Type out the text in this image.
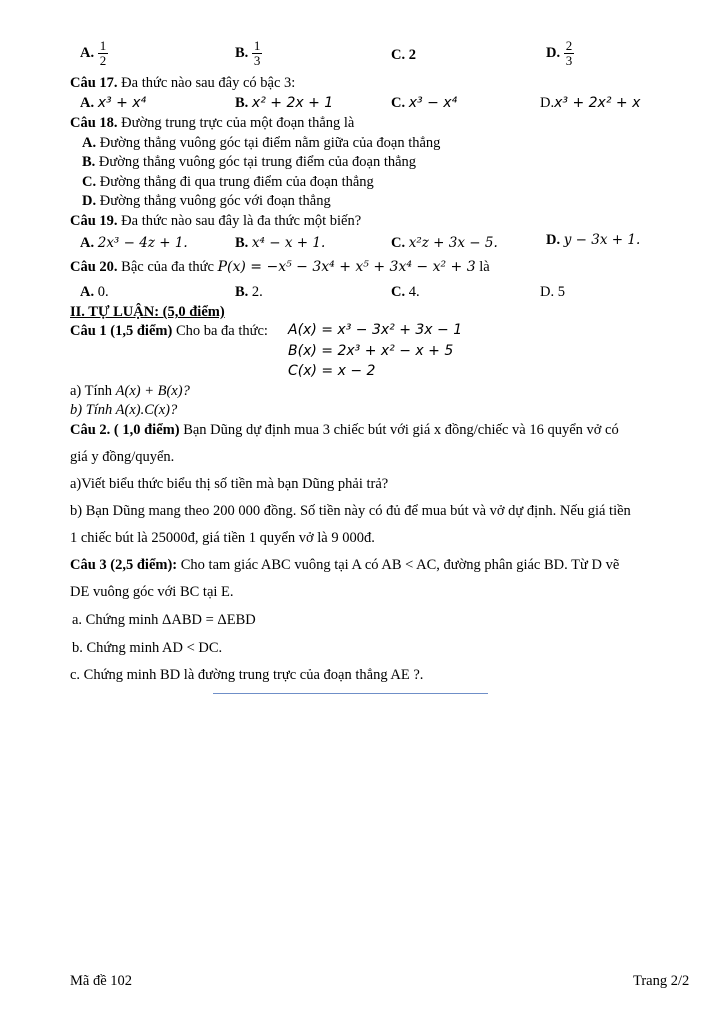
A. $\frac{1}{2}$	B. $\frac{1}{3}$	C. 2	D. $\frac{2}{3}$
Câu 17. Đa thức nào sau đây có bậc 3:
A. x³ + x⁴	B. x² + 2x + 1	C. x³ − x⁴	D.x³ + 2x² + x
Câu 18. Đường trung trực của một đoạn thẳng là
A. Đường thẳng vuông góc tại điểm nằm giữa của đoạn thẳng
B. Đường thẳng vuông góc tại trung điểm của đoạn thẳng
C. Đường thẳng đi qua trung điểm của đoạn thẳng
D. Đường thẳng vuông góc với đoạn thẳng
Câu 19. Đa thức nào sau đây là đa thức một biến?
A. 2x³ − 4z + 1.	B. x⁴ − x + 1.	C. x²z + 3x − 5.	D. y − 3x + 1.
Câu 20. Bậc của đa thức P(x) = −x⁵ − 3x⁴ + x⁵ + 3x⁴ − x² + 3 là
A. 0.	B. 2.	C. 4.	D. 5
II. TỰ LUẬN: (5,0 điểm)
Câu 1 (1,5 điểm) Cho ba đa thức: A(x) = x³ − 3x² + 3x − 1
B(x) = 2x³ + x² − x + 5
C(x) = x − 2
a) Tính A(x) + B(x)?
b) Tính A(x).C(x)?
Câu 2. ( 1,0 điểm) Bạn Dũng dự định mua 3 chiếc bút với giá x đồng/chiếc và 16 quyển vở có
giá y đồng/quyển.
a)Viết biểu thức biểu thị số tiền mà bạn Dũng phải trả?
b) Bạn Dũng mang theo 200 000 đồng. Số tiền này có đủ để mua bút và vở dự định. Nếu giá tiền
1 chiếc bút là 25000đ, giá tiền 1 quyển vở là 9 000đ.
Câu 3 (2,5 điểm): Cho tam giác ABC vuông tại A có AB < AC, đường phân giác BD. Từ D vẽ
DE vuông góc với BC tại E.
a. Chứng minh ΔABD = ΔEBD
b. Chứng minh AD < DC.
c. Chứng minh BD là đường trung trực của đoạn thẳng AE ?.
Mã đề 102	Trang 2/2
